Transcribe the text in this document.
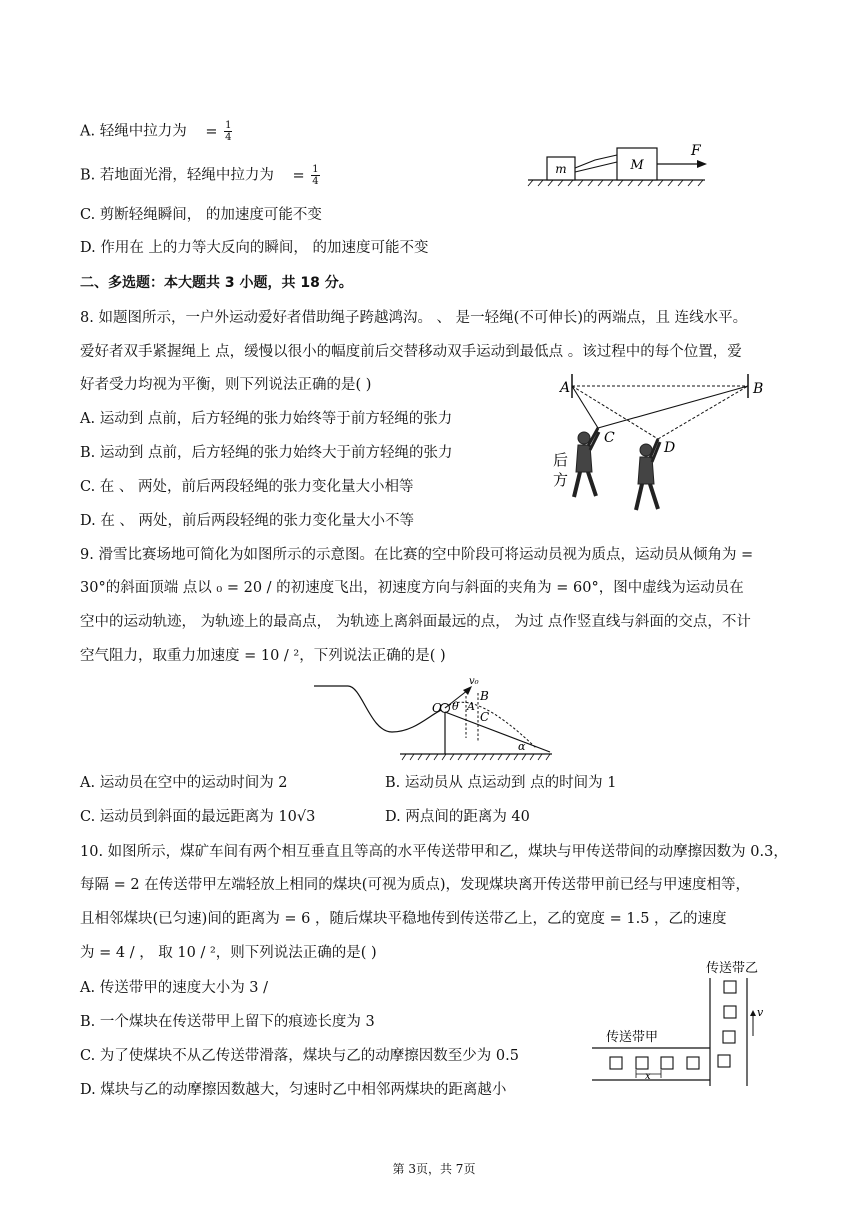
A. 轻绳中拉力为 = $\frac{1}{4}$
B. 若地面光滑，轻绳中拉力为 = $\frac{1}{4}$
C. 剪断轻绳瞬间， 的加速度可能不变
D. 作用在 上的力等大反向的瞬间， 的加速度可能不变
m	M
F
二、多选题：本大题共 3 小题，共 18 分。
8. 如题图所示，一户外运动爱好者借助绳子跨越鸿沟。 、 是一轻绳(不可伸长)的两端点，且 连线水平。
爱好者双手紧握绳上 点，缓慢以很小的幅度前后交替移动双手运动到最低点 。该过程中的每个位置，爱
好者受力均视为平衡，则下列说法正确的是( )
A. 运动到 点前，后方轻绳的张力始终等于前方轻绳的张力
B. 运动到 点前，后方轻绳的张力始终大于前方轻绳的张力
C. 在 、 两处，前后两段轻绳的张力变化量大小相等
D. 在 、 两处，前后两段轻绳的张力变化量大小不等
A	B
C
D
后
方
9. 滑雪比赛场地可简化为如图所示的示意图。在比赛的空中阶段可将运动员视为质点，运动员从倾角为 =
30°的斜面顶端 点以 ₀ = 20 / 的初速度飞出，初速度方向与斜面的夹角为 = 60°，图中虚线为运动员在
空中的运动轨迹， 为轨迹上的最高点， 为轨迹上离斜面最远的点， 为过 点作竖直线与斜面的交点，不计
空气阻力，取重力加速度 = 10 / ²，下列说法正确的是( )
v₀
O θ A
B
C
α
A. 运动员在空中的运动时间为 2	B. 运动员从 点运动到 点的时间为 1
C. 运动员到斜面的最远距离为 10√3	D. 两点间的距离为 40
10. 如图所示，煤矿车间有两个相互垂直且等高的水平传送带甲和乙，煤块与甲传送带间的动摩擦因数为 0.3，
每隔 = 2 在传送带甲左端轻放上相同的煤块(可视为质点)，发现煤块离开传送带甲前已经与甲速度相等，
且相邻煤块(已匀速)间的距离为 = 6 ，随后煤块平稳地传到传送带乙上，乙的宽度 = 1.5 ，乙的速度
为 = 4 / ， 取 10 / ²，则下列说法正确的是( )
A. 传送带甲的速度大小为 3 /
B. 一个煤块在传送带甲上留下的痕迹长度为 3
C. 为了使煤块不从乙传送带滑落，煤块与乙的动摩擦因数至少为 0.5
D. 煤块与乙的动摩擦因数越大，匀速时乙中相邻两煤块的距离越小
传送带乙
传送带甲
v
x
第 3页，共 7页
